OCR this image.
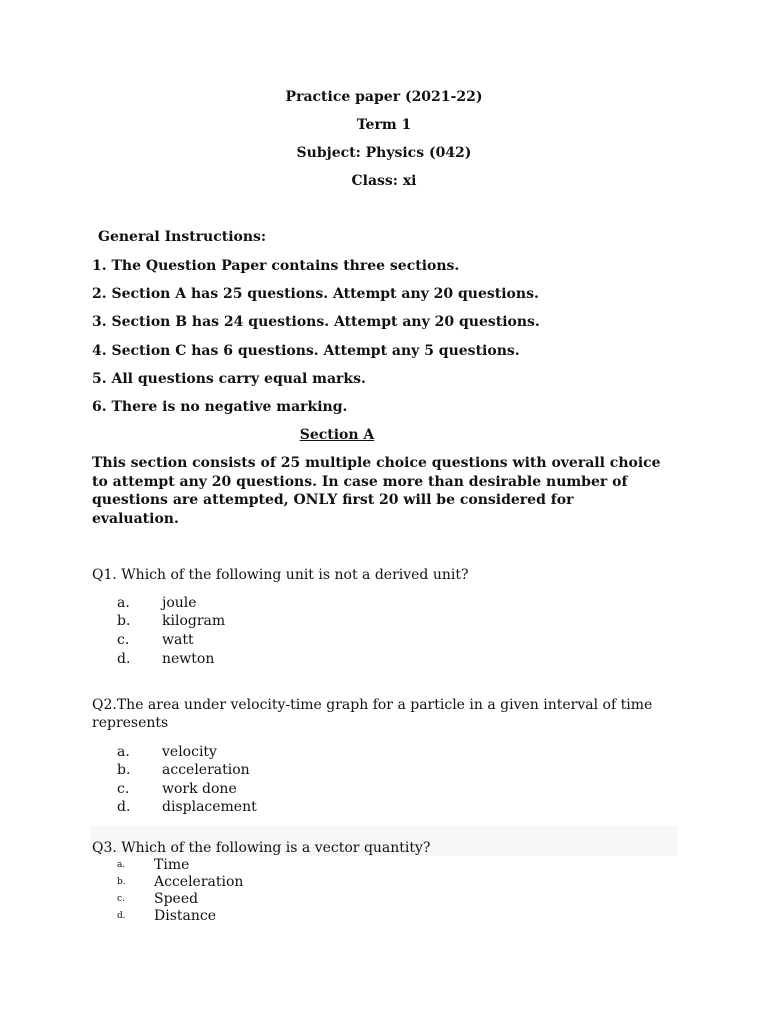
Practice paper (2021-22)
Term 1
Subject: Physics (042)
Class: xi
General Instructions:
1. The Question Paper contains three sections.
2. Section A has 25 questions. Attempt any 20 questions.
3. Section B has 24 questions. Attempt any 20 questions.
4. Section C has 6 questions. Attempt any 5 questions.
5. All questions carry equal marks.
6. There is no negative marking.
Section A
This section consists of 25 multiple choice questions with overall choice to attempt any 20 questions. In case more than desirable number of questions are attempted, ONLY first 20 will be considered for evaluation.
Q1. Which of the following unit is not a derived unit?
a.	joule
b.	kilogram
c.	watt
d.	newton
Q2.The area under velocity-time graph for a particle in a given interval of time represents
a.	velocity
b.	acceleration
c.	work done
d.	displacement
Q3. Which of the following is a vector quantity?
a.	Time
b.	Acceleration
c.	Speed
d.	Distance
